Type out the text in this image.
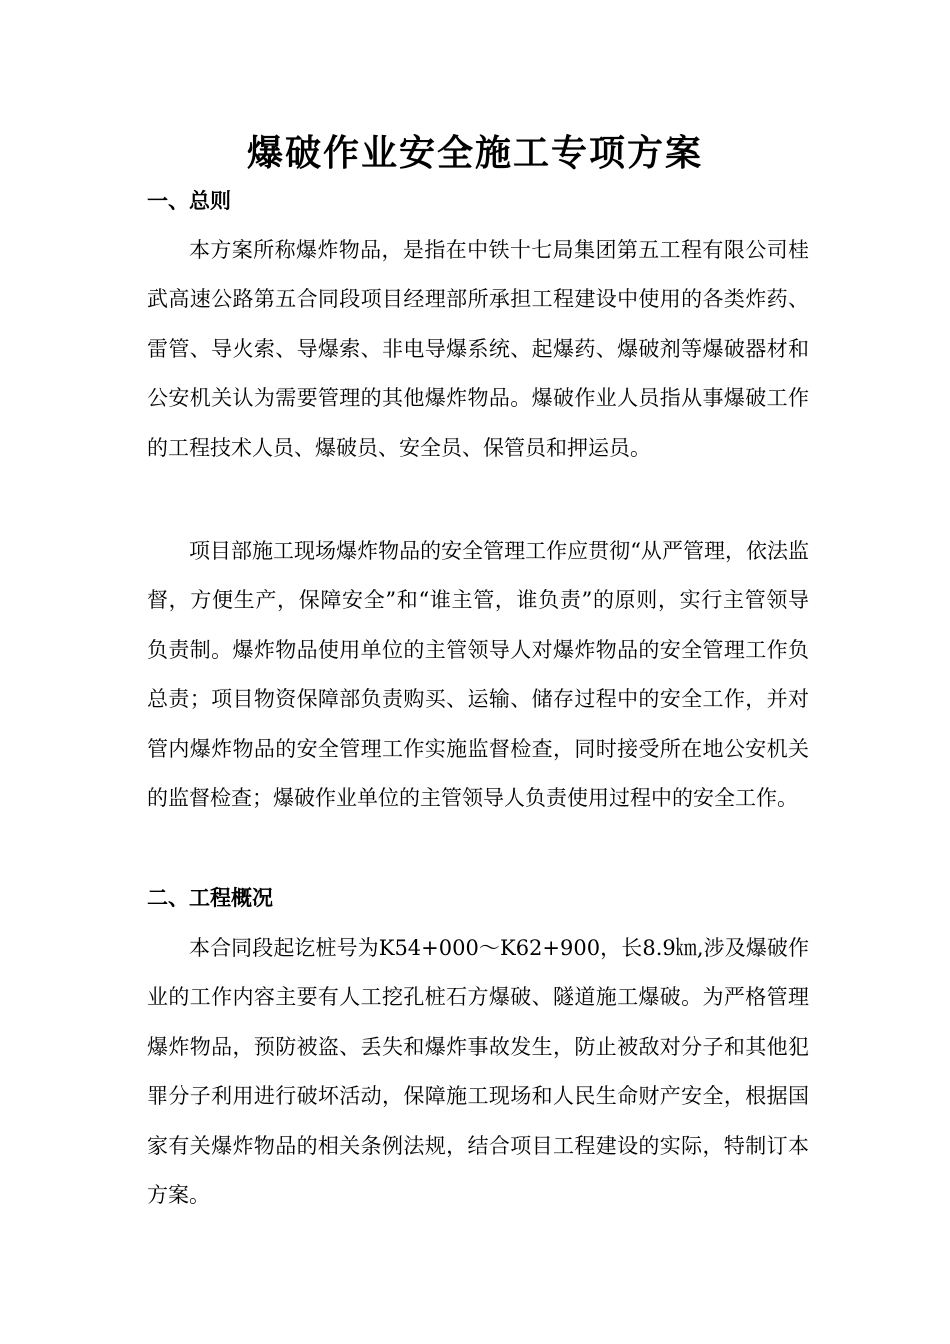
爆破作业安全施工专项方案
一、总则

本方案所称爆炸物品，是指在中铁十七局集团第五工程有限公司桂武高速公路第五合同段项目经理部所承担工程建设中使用的各类炸药、雷管、导火索、导爆索、非电导爆系统、起爆药、爆破剂等爆破器材和公安机关认为需要管理的其他爆炸物品。爆破作业人员指从事爆破工作的工程技术人员、爆破员、安全员、保管员和押运员。

项目部施工现场爆炸物品的安全管理工作应贯彻“从严管理，依法监督，方便生产，保障安全”和“谁主管，谁负责”的原则，实行主管领导负责制。爆炸物品使用单位的主管领导人对爆炸物品的安全管理工作负总责；项目物资保障部负责购买、运输、储存过程中的安全工作，并对管内爆炸物品的安全管理工作实施监督检查，同时接受所在地公安机关的监督检查；爆破作业单位的主管领导人负责使用过程中的安全工作。

二、工程概况

本合同段起讫桩号为K54+000～K62+900，长8.9㎞,涉及爆破作业的工作内容主要有人工挖孔桩石方爆破、隧道施工爆破。为严格管理爆炸物品，预防被盗、丢失和爆炸事故发生，防止被敌对分子和其他犯罪分子利用进行破坏活动，保障施工现场和人民生命财产安全，根据国家有关爆炸物品的相关条例法规，结合项目工程建设的实际，特制订本方案。
